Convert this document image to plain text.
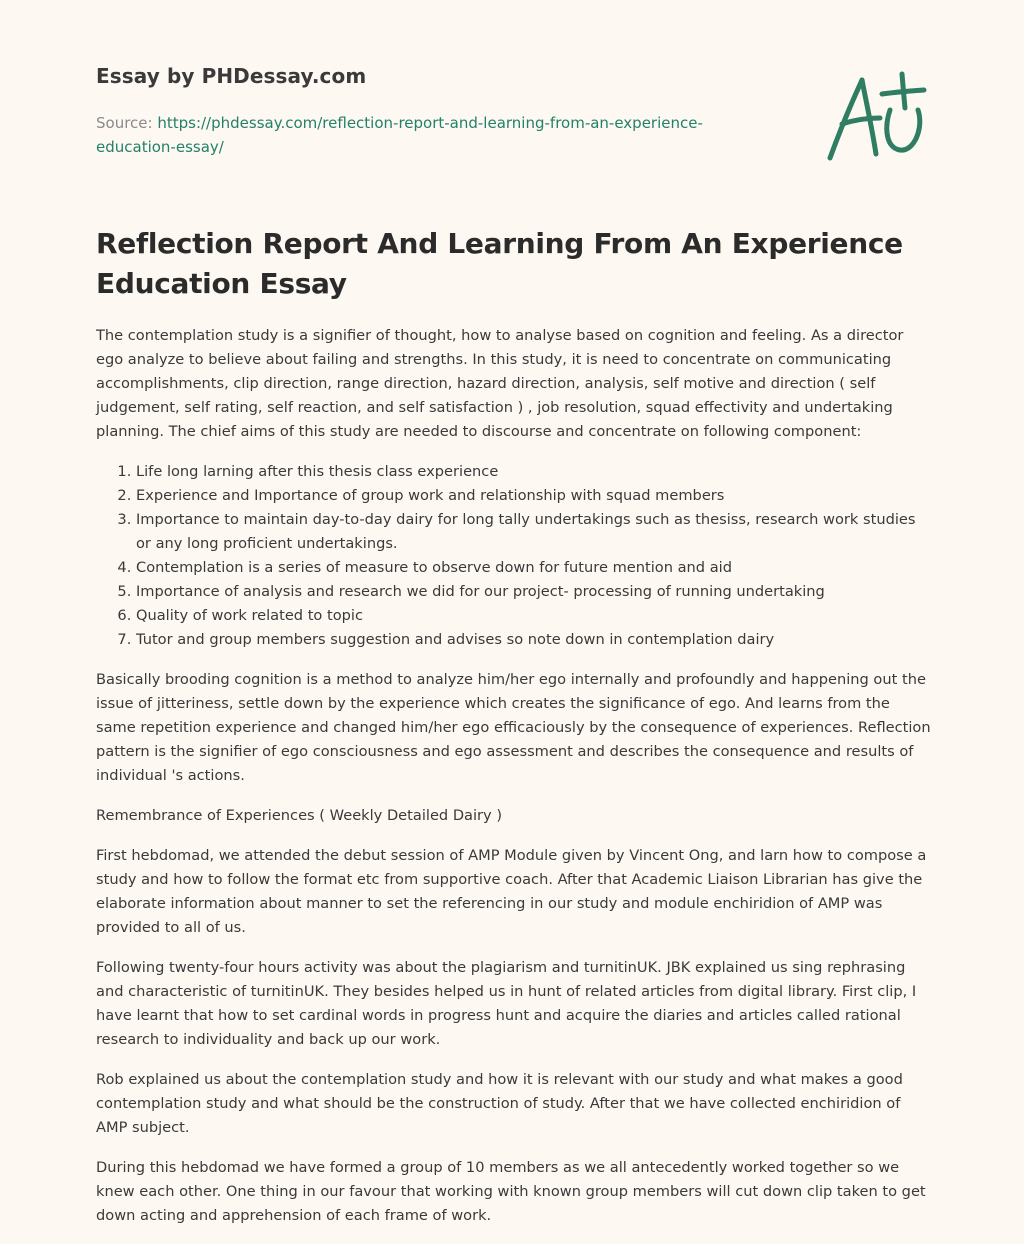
Essay by PHDessay.com
Source: https://phdessay.com/reflection-report-and-learning-from-an-experience-education-essay/
Reflection Report And Learning From An Experience Education Essay

The contemplation study is a signifier of thought, how to analyse based on cognition and feeling. As a director ego analyze to believe about failing and strengths. In this study, it is need to concentrate on communicating accomplishments, clip direction, range direction, hazard direction, analysis, self motive and direction ( self judgement, self rating, self reaction, and self satisfaction ) , job resolution, squad effectivity and undertaking planning. The chief aims of this study are needed to discourse and concentrate on following component:

1. Life long larning after this thesis class experience
2. Experience and Importance of group work and relationship with squad members
3. Importance to maintain day-to-day dairy for long tally undertakings such as thesiss, research work studies or any long proficient undertakings.
4. Contemplation is a series of measure to observe down for future mention and aid
5. Importance of analysis and research we did for our project- processing of running undertaking
6. Quality of work related to topic
7. Tutor and group members suggestion and advises so note down in contemplation dairy

Basically brooding cognition is a method to analyze him/her ego internally and profoundly and happening out the issue of jitteriness, settle down by the experience which creates the significance of ego. And learns from the same repetition experience and changed him/her ego efficaciously by the consequence of experiences. Reflection pattern is the signifier of ego consciousness and ego assessment and describes the consequence and results of individual 's actions.

Remembrance of Experiences ( Weekly Detailed Dairy )

First hebdomad, we attended the debut session of AMP Module given by Vincent Ong, and larn how to compose a study and how to follow the format etc from supportive coach. After that Academic Liaison Librarian has give the elaborate information about manner to set the referencing in our study and module enchiridion of AMP was provided to all of us.

Following twenty-four hours activity was about the plagiarism and turnitinUK. JBK explained us sing rephrasing and characteristic of turnitinUK. They besides helped us in hunt of related articles from digital library. First clip, I have learnt that how to set cardinal words in progress hunt and acquire the diaries and articles called rational research to individuality and back up our work.

Rob explained us about the contemplation study and how it is relevant with our study and what makes a good contemplation study and what should be the construction of study. After that we have collected enchiridion of AMP subject.

During this hebdomad we have formed a group of 10 members as we all antecedently worked together so we knew each other. One thing in our favour that working with known group members will cut down clip taken to get down acting and apprehension of each frame of work.
